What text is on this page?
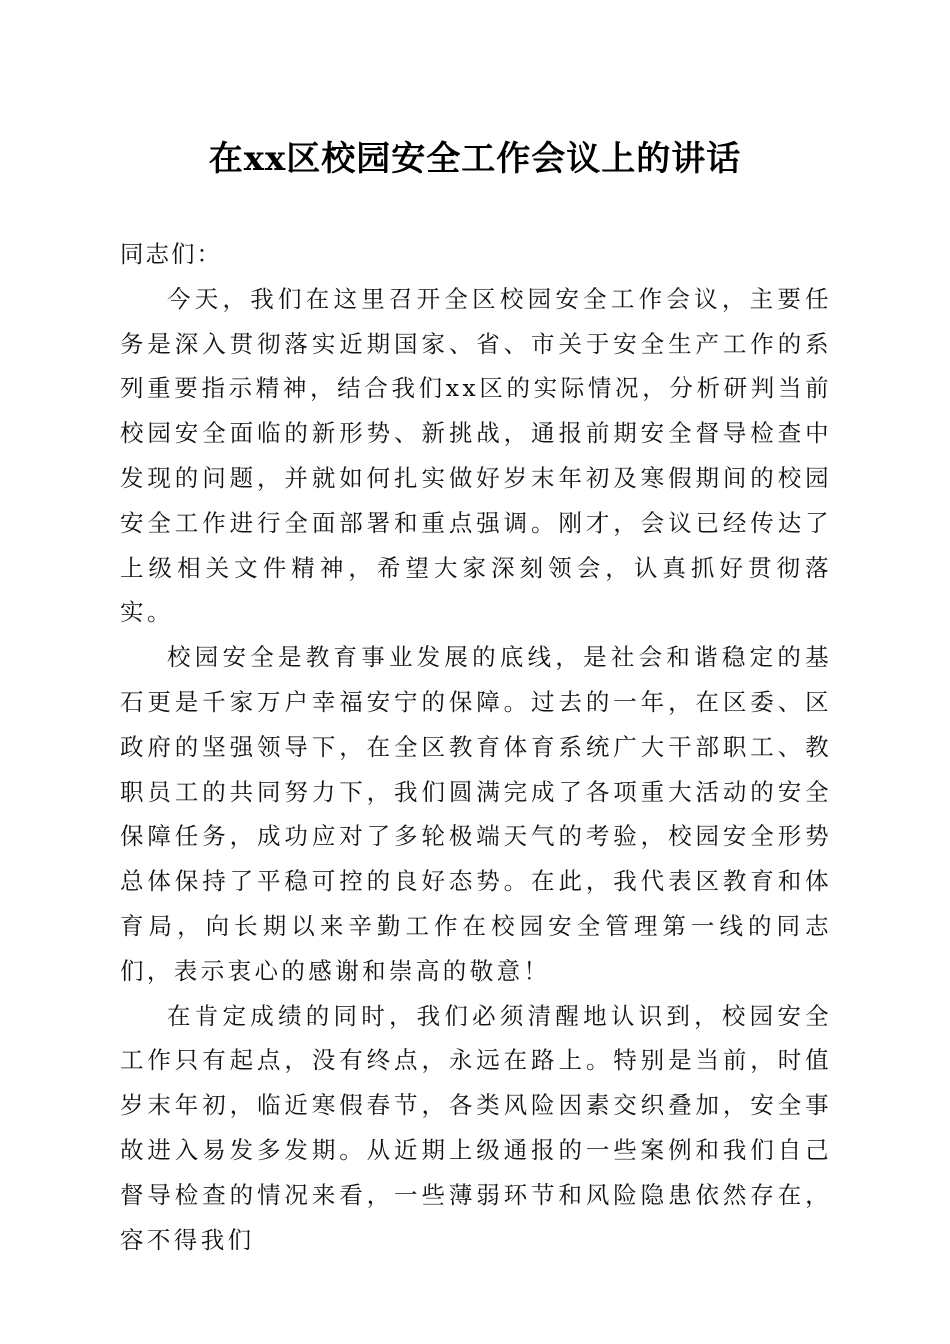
在xx区校园安全工作会议上的讲话

同志们：

今天，我们在这里召开全区校园安全工作会议，主要任务是深入贯彻落实近期国家、省、市关于安全生产工作的系列重要指示精神，结合我们xx区的实际情况，分析研判当前校园安全面临的新形势、新挑战，通报前期安全督导检查中发现的问题，并就如何扎实做好岁末年初及寒假期间的校园安全工作进行全面部署和重点强调。刚才，会议已经传达了上级相关文件精神，希望大家深刻领会，认真抓好贯彻落实。

校园安全是教育事业发展的底线，是社会和谐稳定的基石更是千家万户幸福安宁的保障。过去的一年，在区委、区政府的坚强领导下，在全区教育体育系统广大干部职工、教职员工的共同努力下，我们圆满完成了各项重大活动的安全保障任务，成功应对了多轮极端天气的考验，校园安全形势总体保持了平稳可控的良好态势。在此，我代表区教育和体育局，向长期以来辛勤工作在校园安全管理第一线的同志们，表示衷心的感谢和崇高的敬意！

在肯定成绩的同时，我们必须清醒地认识到，校园安全工作只有起点，没有终点，永远在路上。特别是当前，时值岁末年初，临近寒假春节，各类风险因素交织叠加，安全事故进入易发多发期。从近期上级通报的一些案例和我们自己督导检查的情况来看，一些薄弱环节和风险隐患依然存在，容不得我们
